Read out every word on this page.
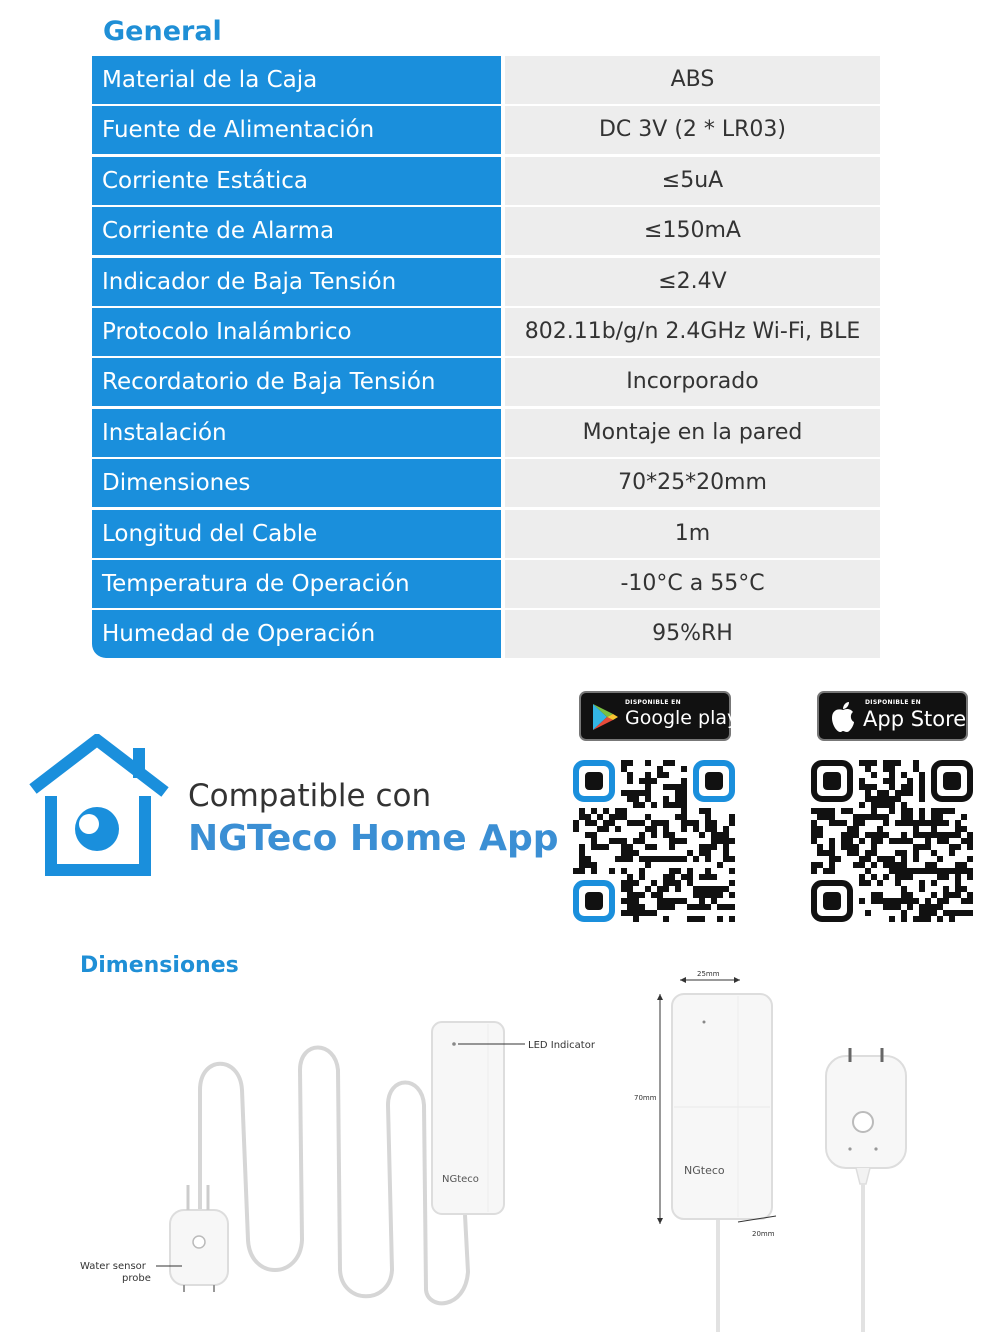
General
Material de la Caja	ABS
Fuente de Alimentación	DC 3V (2 * LR03)
Corriente Estática	≤5uA
Corriente de Alarma	≤150mA
Indicador de Baja Tensión	≤2.4V
Protocolo Inalámbrico	802.11b/g/n 2.4GHz Wi-Fi, BLE
Recordatorio de Baja Tensión	Incorporado
Instalación	Montaje en la pared
Dimensiones	70*25*20mm
Longitud del Cable	1m
Temperatura de Operación	-10°C a 55°C
Humedad de Operación	95%RH
Compatible con
NGTeco Home App
DISPONIBLE EN
Google play
DISPONIBLE EN
App Store
Dimensiones
LED Indicator
NGteco
Water sensor
probe
25mm
70mm
NGteco
20mm
